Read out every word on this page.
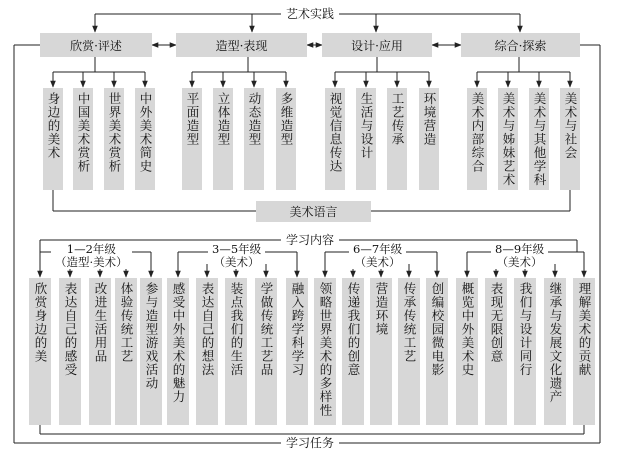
艺术实践
欣赏·评述	造型·表现	设计·应用	综合·探索
身边的美术 中国美术赏析 世界美术赏析 中外美术简史	平面造型 立体造型 动态造型 多维造型	视觉信息传达 生活与设计 工艺传承 环境营造	美术内部综合 美术与姊妹艺术 美术与其他学科 美术与社会
美术语言
学习内容
1—2年级
（造型·美术）
3—5年级
（美术）
6—7年级
（美术）
8—9年级
（美术）
欣赏身边的美	表达自己的感受	改进生活用品 体验传统工艺 参与造型游戏活动 感受中外美术的魅力	表达自己的想法	装点我们的生活	学做传统工艺品	融入跨学科学习	领略世界美术的多样性	传递我们的创意	营造环境	传承传统工艺	创编校园微电影	概览中外美术史	表现无限创意	我们与设计同行	继承与发展文化遗产	理解美术的贡献
学习任务
